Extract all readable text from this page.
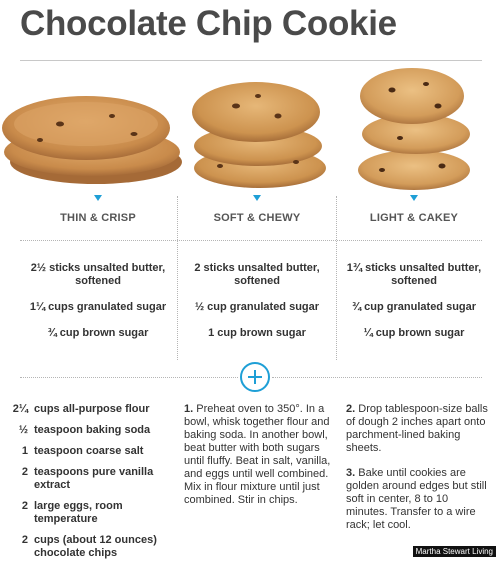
Chocolate Chip Cookie
THIN & CRISP	SOFT & CHEWY	LIGHT & CAKEY

2½ sticks unsalted butter, softened

1¼ cups granulated sugar

¾ cup brown sugar

2 sticks unsalted butter, softened

½ cup granulated sugar

1 cup brown sugar

1¾ sticks unsalted butter, softened

¾ cup granulated sugar

¼ cup brown sugar

2¼ cups all-purpose flour
½ teaspoon baking soda
1 teaspoon coarse salt
2 teaspoons pure vanilla extract
2 large eggs, room temperature
2 cups (about 12 ounces) chocolate chips

1. Preheat oven to 350°. In a bowl, whisk together flour and baking soda. In another bowl, beat butter with both sugars until fluffy. Beat in salt, vanilla, and eggs until well combined. Mix in flour mixture until just combined. Stir in chips.

2. Drop tablespoon-size balls of dough 2 inches apart onto parchment-lined baking sheets.

3. Bake until cookies are golden around edges but still soft in center, 8 to 10 minutes. Transfer to a wire rack; let cool.

Martha Stewart Living
